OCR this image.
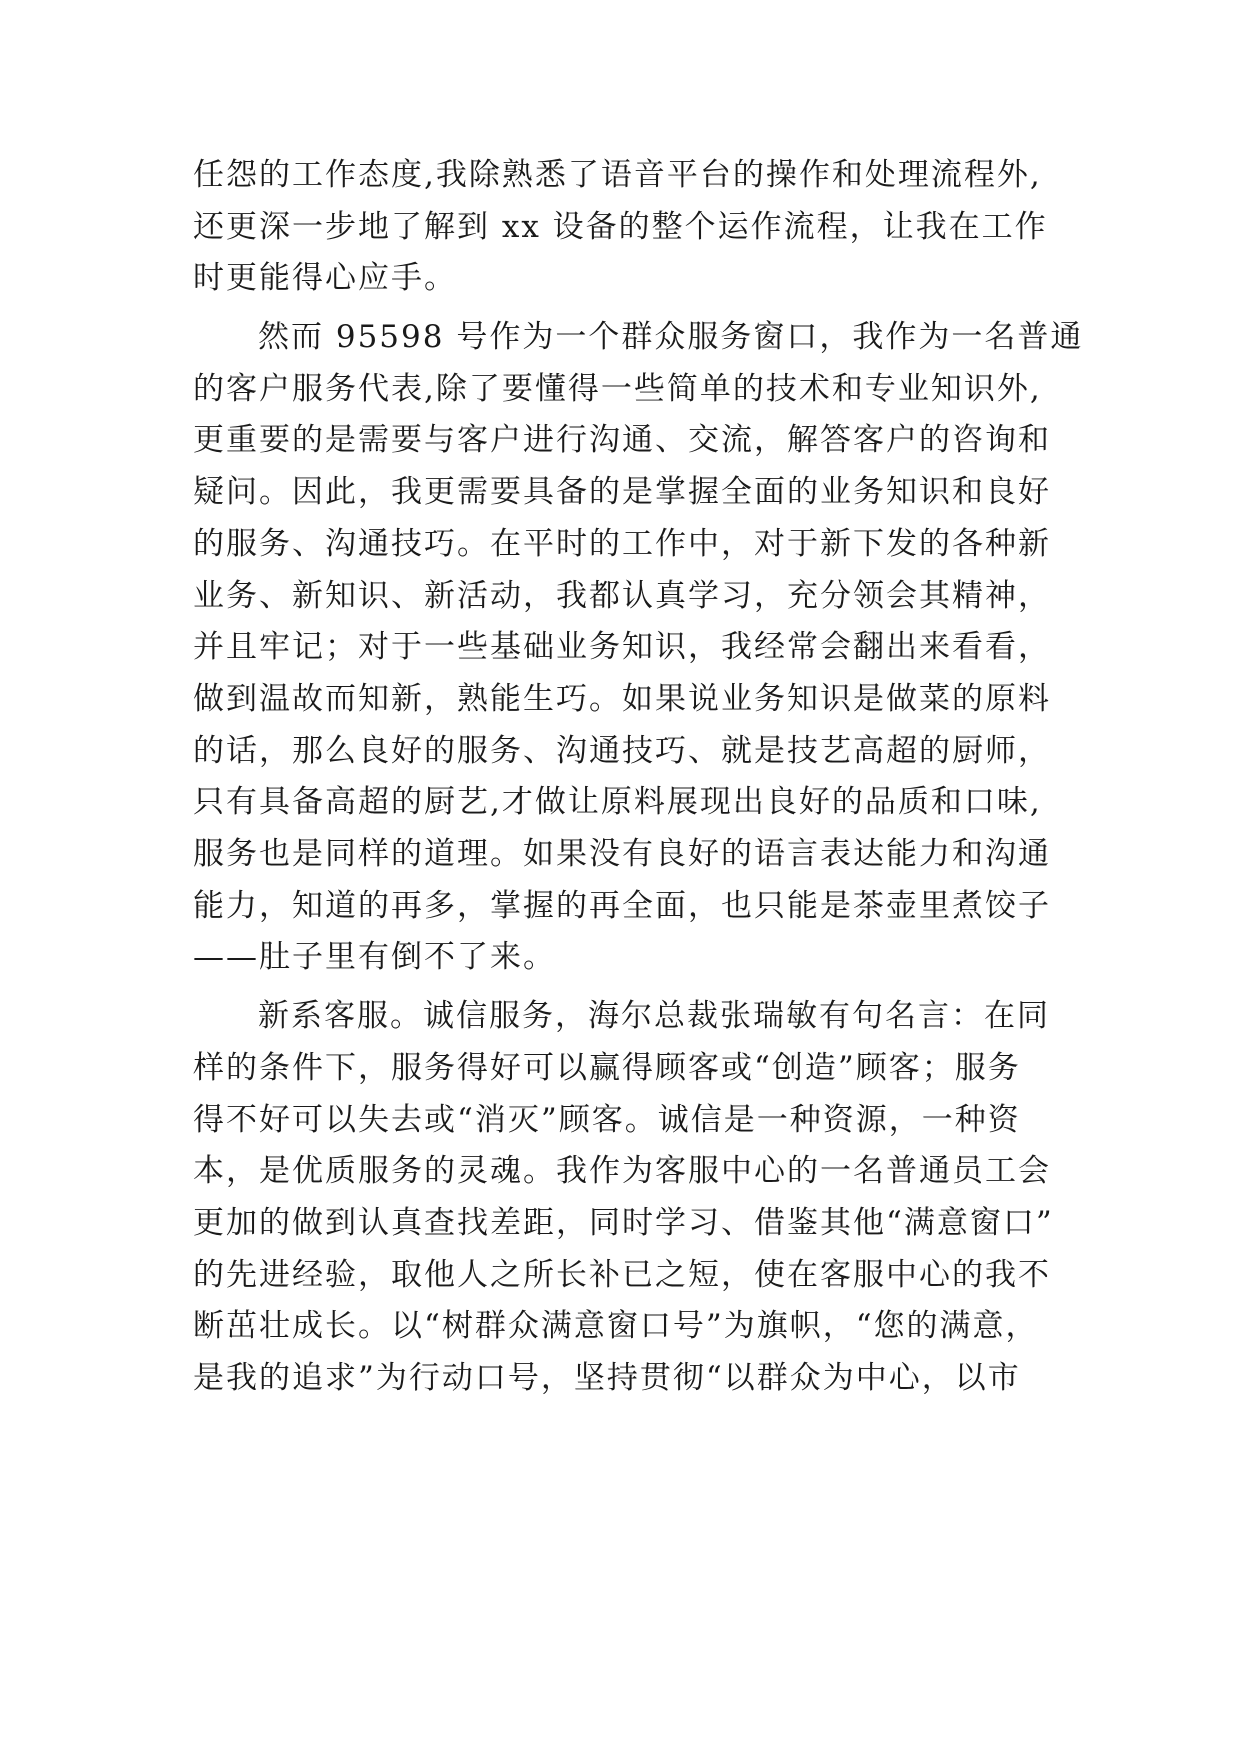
任怨的工作态度,我除熟悉了语音平台的操作和处理流程外,
还更深一步地了解到 xx 设备的整个运作流程，让我在工作
时更能得心应手。
然而 95598 号作为一个群众服务窗口，我作为一名普通
的客户服务代表,除了要懂得一些简单的技术和专业知识外,
更重要的是需要与客户进行沟通、交流，解答客户的咨询和
疑问。因此，我更需要具备的是掌握全面的业务知识和良好
的服务、沟通技巧。在平时的工作中，对于新下发的各种新
业务、新知识、新活动，我都认真学习，充分领会其精神，
并且牢记；对于一些基础业务知识，我经常会翻出来看看，
做到温故而知新，熟能生巧。如果说业务知识是做菜的原料
的话，那么良好的服务、沟通技巧、就是技艺高超的厨师，
只有具备高超的厨艺,才做让原料展现出良好的品质和口味,
服务也是同样的道理。如果没有良好的语言表达能力和沟通
能力，知道的再多，掌握的再全面，也只能是茶壶里煮饺子
——肚子里有倒不了来。
新系客服。诚信服务，海尔总裁张瑞敏有句名言：在同
样的条件下，服务得好可以赢得顾客或“创造”顾客；服务
得不好可以失去或“消灭”顾客。诚信是一种资源，一种资
本，是优质服务的灵魂。我作为客服中心的一名普通员工会
更加的做到认真查找差距，同时学习、借鉴其他“满意窗口”
的先进经验，取他人之所长补已之短，使在客服中心的我不
断茁壮成长。以“树群众满意窗口号”为旗帜，“您的满意，
是我的追求”为行动口号，坚持贯彻“以群众为中心，以市
